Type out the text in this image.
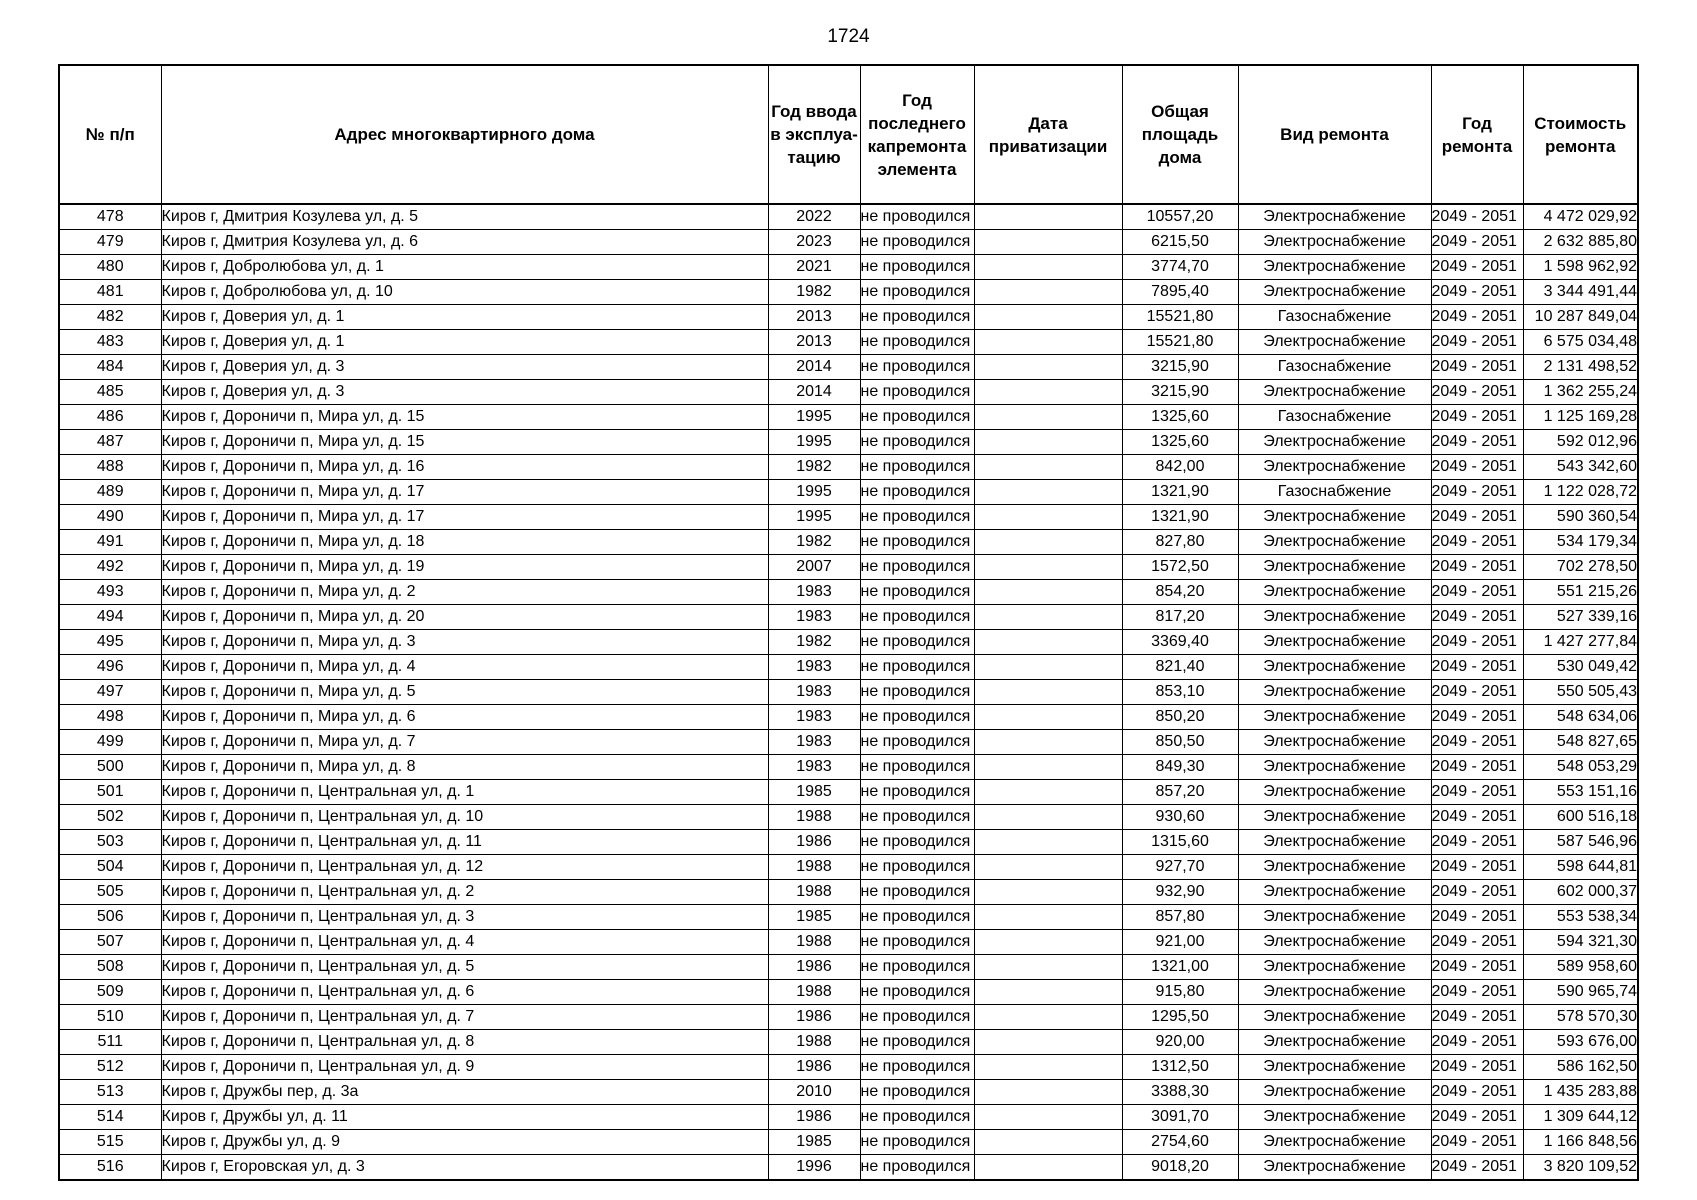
1724
№ п/п	Адрес многоквартирного дома	Год ввода в эксплуа-тацию	Год последнего капремонта элемента	Дата приватизации	Общая площадь дома	Вид ремонта	Год ремонта	Стоимость ремонта
478	Киров г, Дмитрия Козулева ул, д. 5	2022	не проводился		10557,20	Электроснабжение	2049 - 2051	4 472 029,92
479	Киров г, Дмитрия Козулева ул, д. 6	2023	не проводился		6215,50	Электроснабжение	2049 - 2051	2 632 885,80
480	Киров г, Добролюбова ул, д. 1	2021	не проводился		3774,70	Электроснабжение	2049 - 2051	1 598 962,92
481	Киров г, Добролюбова ул, д. 10	1982	не проводился		7895,40	Электроснабжение	2049 - 2051	3 344 491,44
482	Киров г, Доверия ул, д. 1	2013	не проводился		15521,80	Газоснабжение	2049 - 2051	10 287 849,04
483	Киров г, Доверия ул, д. 1	2013	не проводился		15521,80	Электроснабжение	2049 - 2051	6 575 034,48
484	Киров г, Доверия ул, д. 3	2014	не проводился		3215,90	Газоснабжение	2049 - 2051	2 131 498,52
485	Киров г, Доверия ул, д. 3	2014	не проводился		3215,90	Электроснабжение	2049 - 2051	1 362 255,24
486	Киров г, Дороничи п, Мира ул, д. 15	1995	не проводился		1325,60	Газоснабжение	2049 - 2051	1 125 169,28
487	Киров г, Дороничи п, Мира ул, д. 15	1995	не проводился		1325,60	Электроснабжение	2049 - 2051	592 012,96
488	Киров г, Дороничи п, Мира ул, д. 16	1982	не проводился		842,00	Электроснабжение	2049 - 2051	543 342,60
489	Киров г, Дороничи п, Мира ул, д. 17	1995	не проводился		1321,90	Газоснабжение	2049 - 2051	1 122 028,72
490	Киров г, Дороничи п, Мира ул, д. 17	1995	не проводился		1321,90	Электроснабжение	2049 - 2051	590 360,54
491	Киров г, Дороничи п, Мира ул, д. 18	1982	не проводился		827,80	Электроснабжение	2049 - 2051	534 179,34
492	Киров г, Дороничи п, Мира ул, д. 19	2007	не проводился		1572,50	Электроснабжение	2049 - 2051	702 278,50
493	Киров г, Дороничи п, Мира ул, д. 2	1983	не проводился		854,20	Электроснабжение	2049 - 2051	551 215,26
494	Киров г, Дороничи п, Мира ул, д. 20	1983	не проводился		817,20	Электроснабжение	2049 - 2051	527 339,16
495	Киров г, Дороничи п, Мира ул, д. 3	1982	не проводился		3369,40	Электроснабжение	2049 - 2051	1 427 277,84
496	Киров г, Дороничи п, Мира ул, д. 4	1983	не проводился		821,40	Электроснабжение	2049 - 2051	530 049,42
497	Киров г, Дороничи п, Мира ул, д. 5	1983	не проводился		853,10	Электроснабжение	2049 - 2051	550 505,43
498	Киров г, Дороничи п, Мира ул, д. 6	1983	не проводился		850,20	Электроснабжение	2049 - 2051	548 634,06
499	Киров г, Дороничи п, Мира ул, д. 7	1983	не проводился		850,50	Электроснабжение	2049 - 2051	548 827,65
500	Киров г, Дороничи п, Мира ул, д. 8	1983	не проводился		849,30	Электроснабжение	2049 - 2051	548 053,29
501	Киров г, Дороничи п, Центральная ул, д. 1	1985	не проводился		857,20	Электроснабжение	2049 - 2051	553 151,16
502	Киров г, Дороничи п, Центральная ул, д. 10	1988	не проводился		930,60	Электроснабжение	2049 - 2051	600 516,18
503	Киров г, Дороничи п, Центральная ул, д. 11	1986	не проводился		1315,60	Электроснабжение	2049 - 2051	587 546,96
504	Киров г, Дороничи п, Центральная ул, д. 12	1988	не проводился		927,70	Электроснабжение	2049 - 2051	598 644,81
505	Киров г, Дороничи п, Центральная ул, д. 2	1988	не проводился		932,90	Электроснабжение	2049 - 2051	602 000,37
506	Киров г, Дороничи п, Центральная ул, д. 3	1985	не проводился		857,80	Электроснабжение	2049 - 2051	553 538,34
507	Киров г, Дороничи п, Центральная ул, д. 4	1988	не проводился		921,00	Электроснабжение	2049 - 2051	594 321,30
508	Киров г, Дороничи п, Центральная ул, д. 5	1986	не проводился		1321,00	Электроснабжение	2049 - 2051	589 958,60
509	Киров г, Дороничи п, Центральная ул, д. 6	1988	не проводился		915,80	Электроснабжение	2049 - 2051	590 965,74
510	Киров г, Дороничи п, Центральная ул, д. 7	1986	не проводился		1295,50	Электроснабжение	2049 - 2051	578 570,30
511	Киров г, Дороничи п, Центральная ул, д. 8	1988	не проводился		920,00	Электроснабжение	2049 - 2051	593 676,00
512	Киров г, Дороничи п, Центральная ул, д. 9	1986	не проводился		1312,50	Электроснабжение	2049 - 2051	586 162,50
513	Киров г, Дружбы пер, д. 3а	2010	не проводился		3388,30	Электроснабжение	2049 - 2051	1 435 283,88
514	Киров г, Дружбы ул, д. 11	1986	не проводился		3091,70	Электроснабжение	2049 - 2051	1 309 644,12
515	Киров г, Дружбы ул, д. 9	1985	не проводился		2754,60	Электроснабжение	2049 - 2051	1 166 848,56
516	Киров г, Егоровская ул, д. 3	1996	не проводился		9018,20	Электроснабжение	2049 - 2051	3 820 109,52
